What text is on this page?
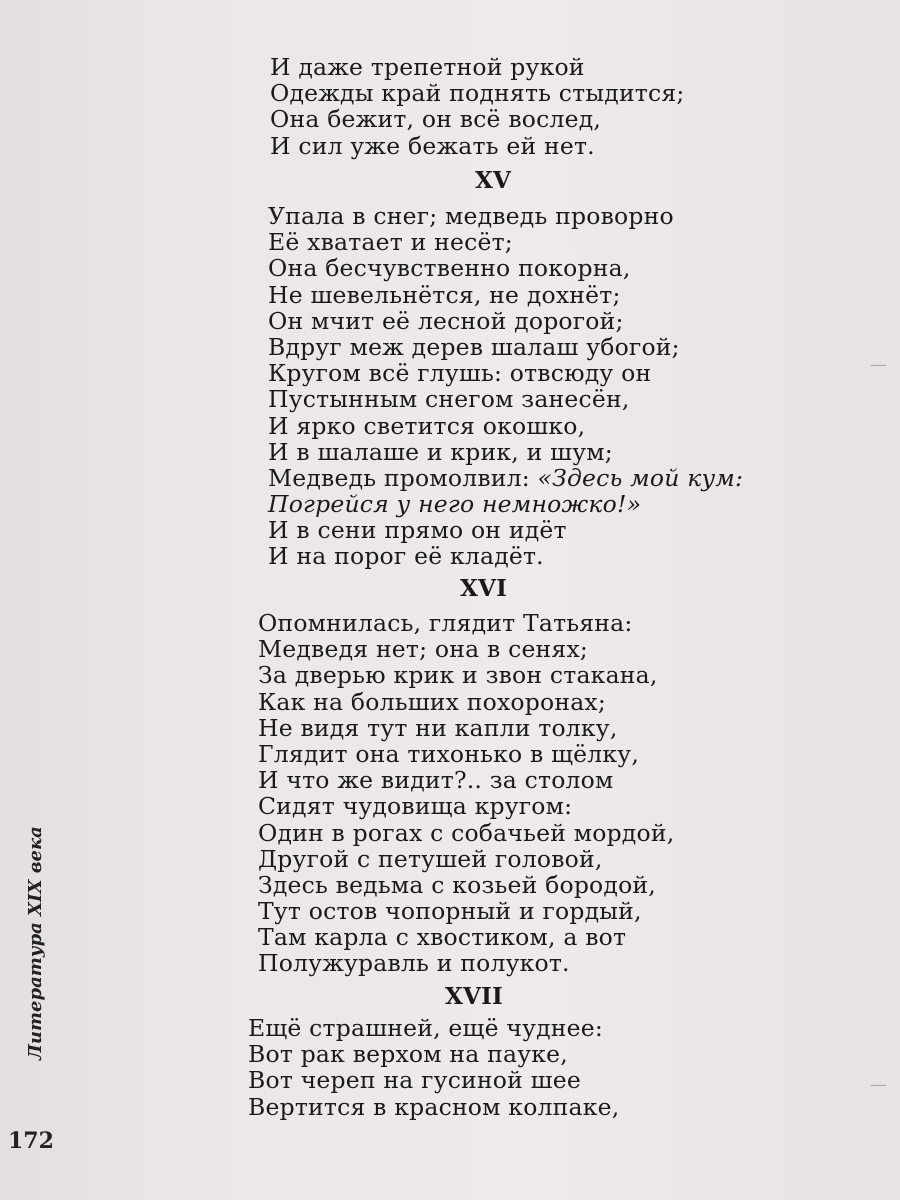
—
—
И даже трепетной рукой
Одежды край поднять стыдится;
Она бежит, он всё вослед,
И сил уже бежать ей нет.
XV
Упала в снег; медведь проворно
Её хватает и несёт;
Она бесчувственно покорна,
Не шевельнётся, не дохнёт;
Он мчит её лесной дорогой;
Вдруг меж дерев шалаш убогой;
Кругом всё глушь: отвсюду он
Пустынным снегом занесён,
И ярко светится окошко,
И в шалаше и крик, и шум;
Медведь промолвил: «Здесь мой кум:
Погрейся у него немножко!»
И в сени прямо он идёт
И на порог её кладёт.
XVI
Опомнилась, глядит Татьяна:
Медведя нет; она в сенях;
За дверью крик и звон стакана,
Как на больших похоронах;
Не видя тут ни капли толку,
Глядит она тихонько в щёлку,
И что же видит?.. за столом
Сидят чудовища кругом:
Один в рогах с собачьей мордой,
Другой с петушей головой,
Здесь ведьма с козьей бородой,
Тут остов чопорный и гордый,
Там карла с хвостиком, а вот
Полужуравль и полукот.
XVII
Ещё страшней, ещё чуднее:
Вот рак верхом на пауке,
Вот череп на гусиной шее
Вертится в красном колпаке,
Литература XIX века
172
